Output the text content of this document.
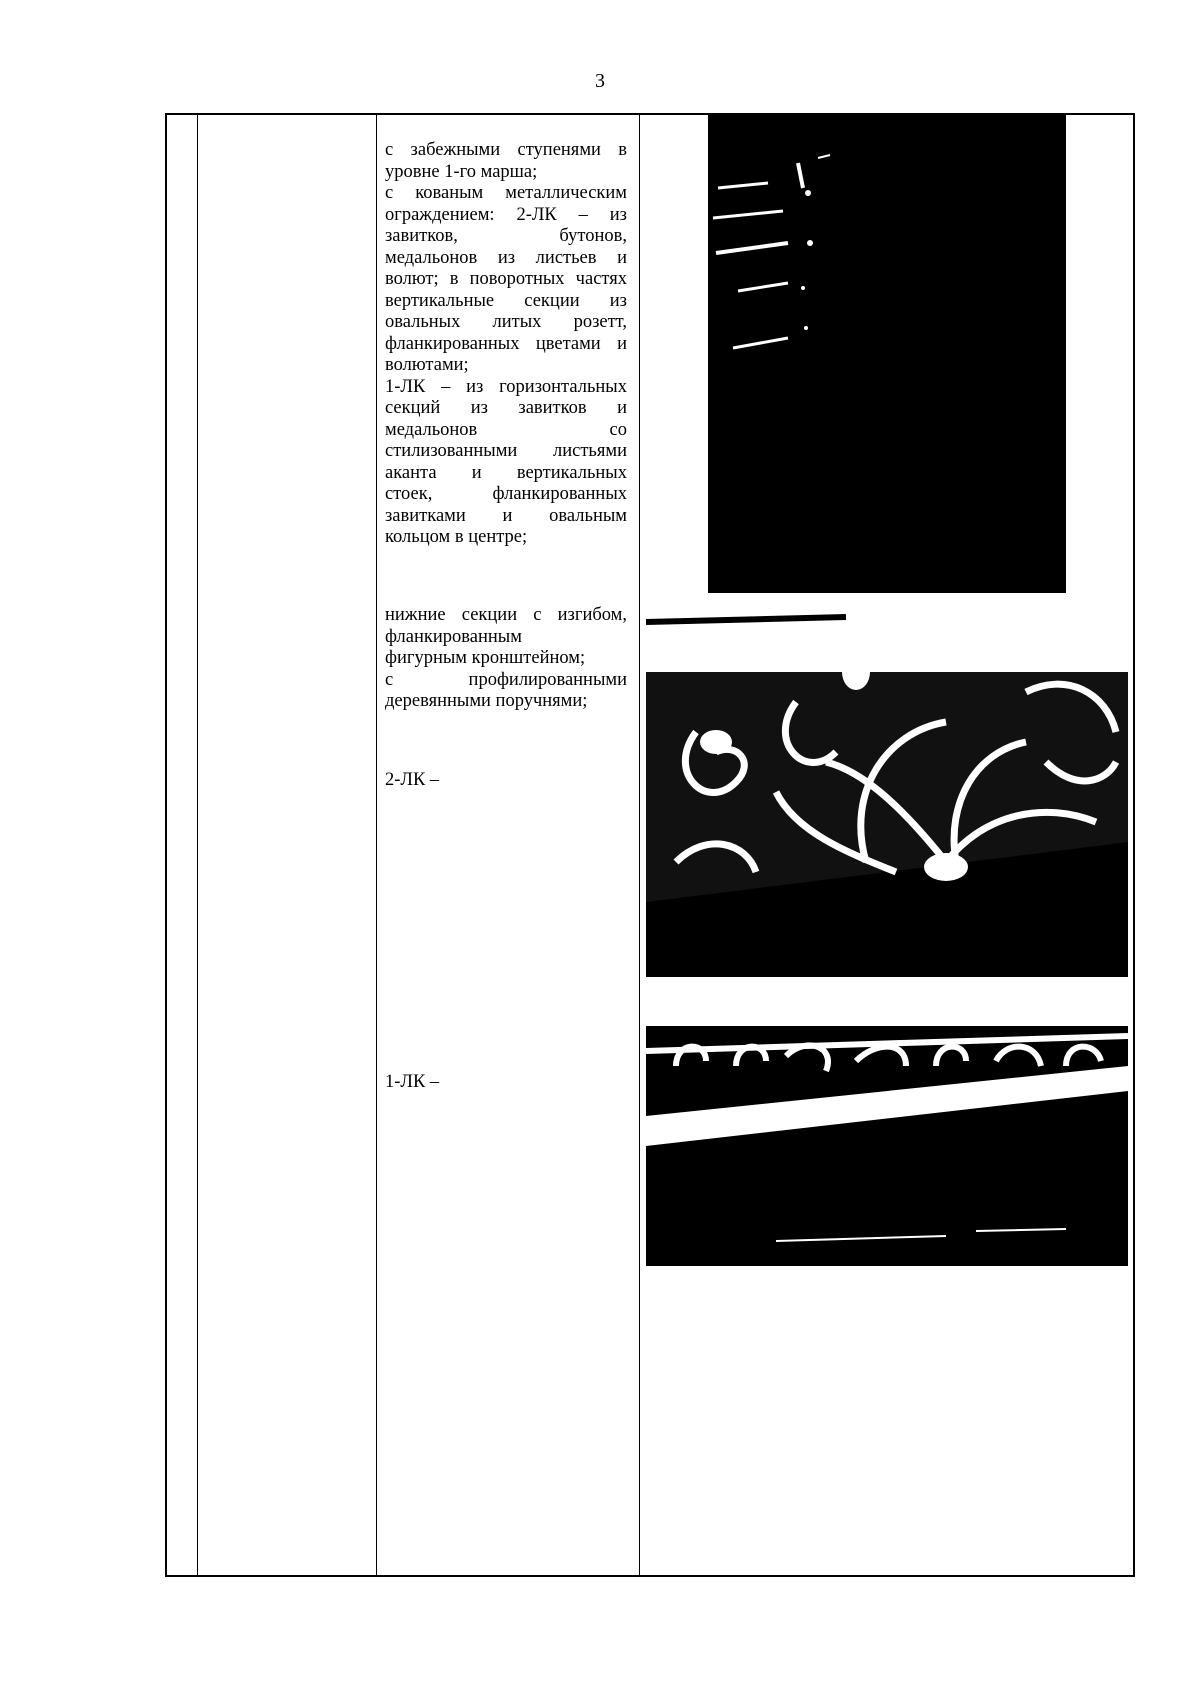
3
с забежными ступенями в
уровне 1-го марша;
с кованым металлическим
ограждением: 2-ЛК – из
завитков, бутонов,
медальонов из листьев и
волют; в поворотных частях
вертикальные секции из
овальных литых розетт,
фланкированных цветами и
волютами;
1-ЛК – из горизонтальных
секций из завитков и
медальонов со
стилизованными листьями
аканта и вертикальных
стоек, фланкированных
завитками и овальным
кольцом в центре;
нижние секции с изгибом,
фланкированным
фигурным кронштейном;
с профилированными
деревянными поручнями;
2-ЛК –
1-ЛК –
